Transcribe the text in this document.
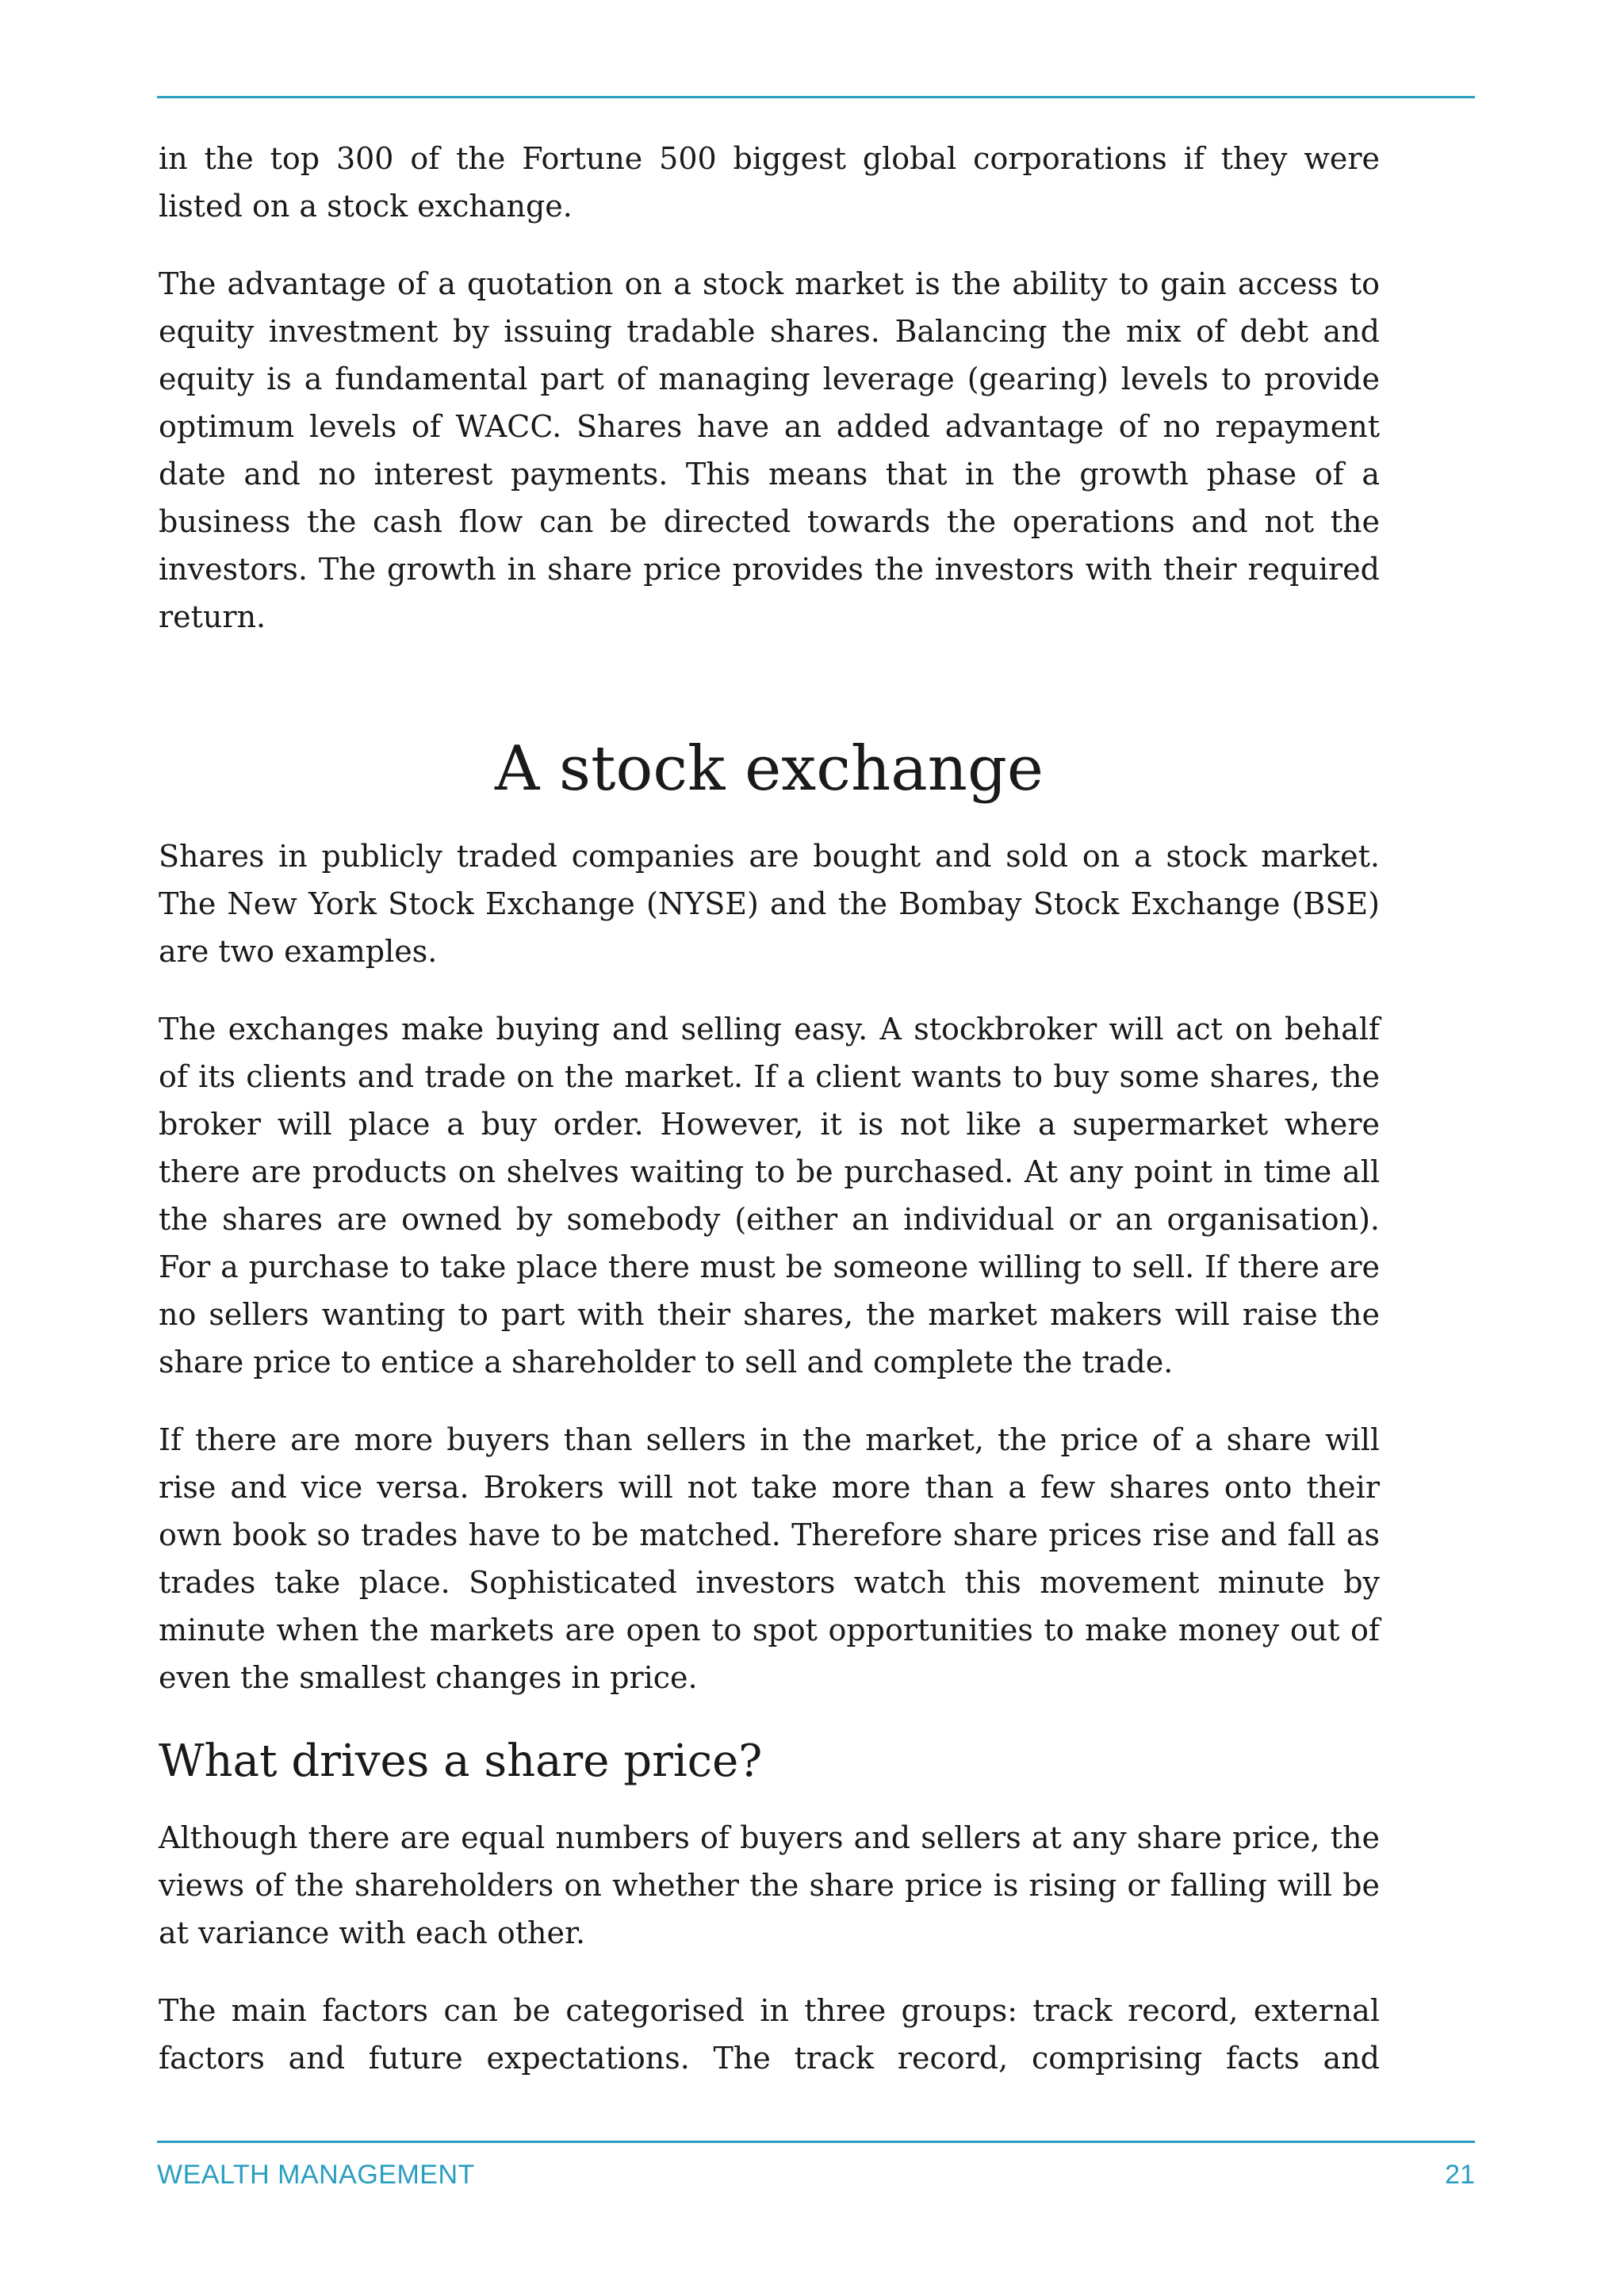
in the top 300 of the Fortune 500 biggest global corporations if they were listed on a stock exchange.

The advantage of a quotation on a stock market is the ability to gain access to equity investment by issuing tradable shares. Balancing the mix of debt and equity is a fundamental part of managing leverage (gearing) levels to provide optimum levels of WACC. Shares have an added advantage of no repayment date and no interest payments. This means that in the growth phase of a business the cash flow can be directed towards the operations and not the investors. The growth in share price provides the investors with their required return.

A stock exchange

Shares in publicly traded companies are bought and sold on a stock market. The New York Stock Exchange (NYSE) and the Bombay Stock Exchange (BSE) are two examples.

The exchanges make buying and selling easy. A stockbroker will act on behalf of its clients and trade on the market. If a client wants to buy some shares, the broker will place a buy order. However, it is not like a supermarket where there are products on shelves waiting to be purchased. At any point in time all the shares are owned by somebody (either an individual or an organisation). For a purchase to take place there must be someone willing to sell. If there are no sellers wanting to part with their shares, the market makers will raise the share price to entice a shareholder to sell and complete the trade.

If there are more buyers than sellers in the market, the price of a share will rise and vice versa. Brokers will not take more than a few shares onto their own book so trades have to be matched. Therefore share prices rise and fall as trades take place. Sophisticated investors watch this movement minute by minute when the markets are open to spot opportunities to make money out of even the smallest changes in price.

What drives a share price?

Although there are equal numbers of buyers and sellers at any share price, the views of the shareholders on whether the share price is rising or falling will be at variance with each other.

The main factors can be categorised in three groups: track record, external factors and future expectations. The track record, comprising facts and

WEALTH MANAGEMENT	21
